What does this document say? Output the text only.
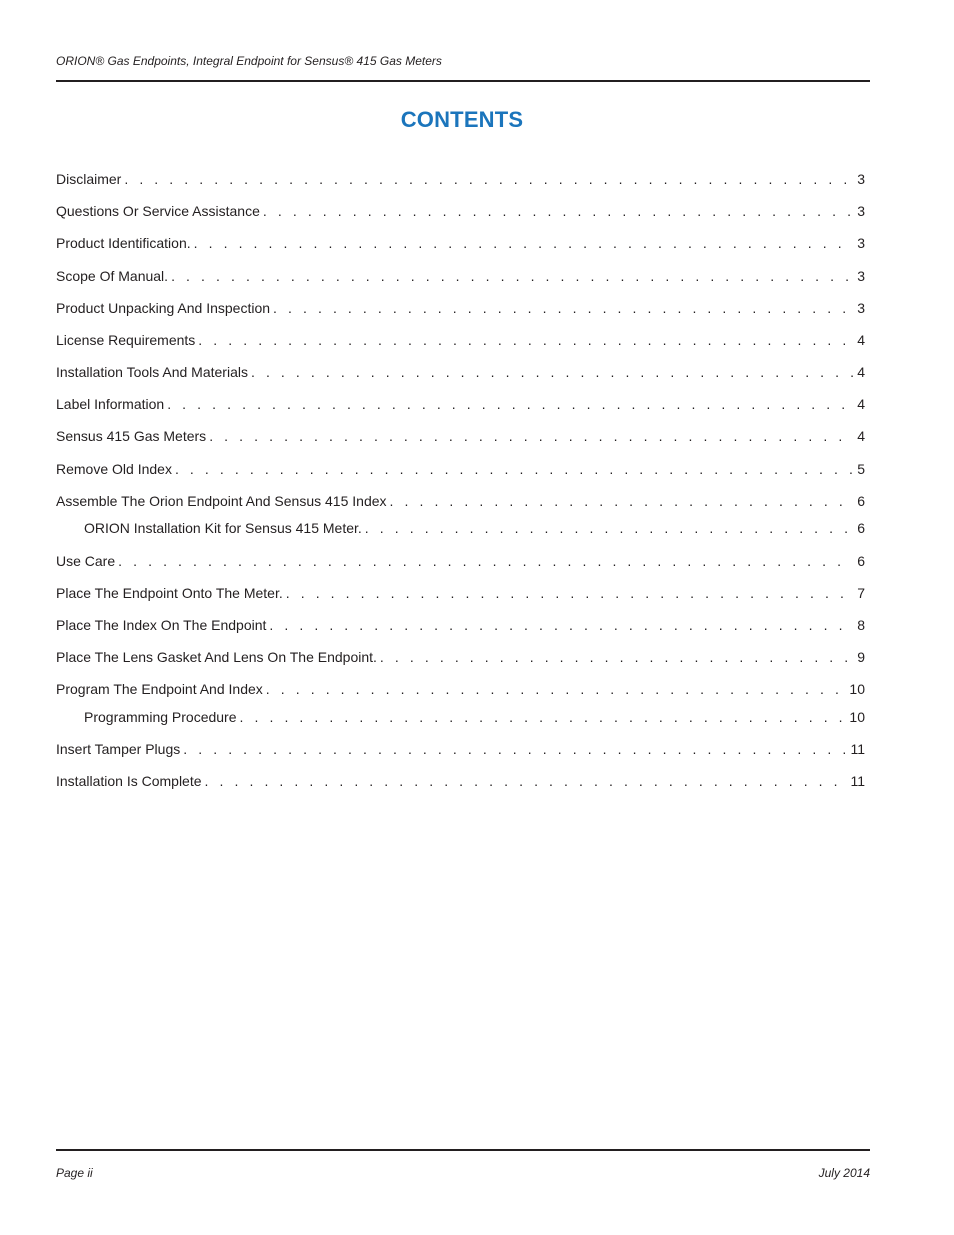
ORION® Gas Endpoints, Integral Endpoint for Sensus® 415 Gas Meters
CONTENTS
Disclaimer . . .	3
Questions Or Service Assistance . . .	3
Product Identification. . . .	3
Scope Of Manual. . . .	3
Product Unpacking And Inspection . . .	3
License Requirements . . .	4
Installation Tools And Materials . . .	4
Label Information . . .	4
Sensus 415 Gas Meters . . .	4
Remove Old Index . . .	5
Assemble The Orion Endpoint And Sensus 415 Index . . .	6
ORION Installation Kit for Sensus 415 Meter. . . .	6
Use Care . . .	6
Place The Endpoint Onto The Meter. . . .	7
Place The Index On The Endpoint . . .	8
Place The Lens Gasket And Lens On The Endpoint. . . .	9
Program The Endpoint And Index . . .	10
Programming Procedure . . .	10
Insert Tamper Plugs . . .	11
Installation Is Complete . . .	11
Page ii	July 2014
